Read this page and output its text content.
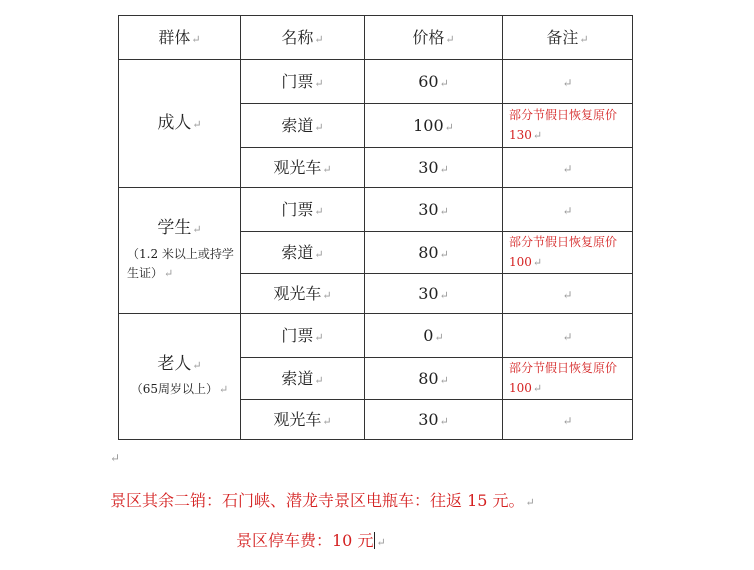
群体↵	名称↵	价格↵	备注↵

成人↵	门票↵	60↵	↵
	索道↵	100↵	部分节假日恢复原价130↵

	观光车↵	30↵	↵

学生↵
（1.2 米以上或持学生证）↵	门票↵	30↵	↵
	索道↵	80↵	部分节假日恢复原价100↵

	观光车↵	30↵	↵

老人↵
（65周岁以上）↵	门票↵	0↵	↵
	索道↵	80↵	部分节假日恢复原价100↵

	观光车↵	30↵	↵
↵
景区其余二销：石门峡、潜龙寺景区电瓶车：往返 15 元。↵
景区停车费：10 元 ↵
